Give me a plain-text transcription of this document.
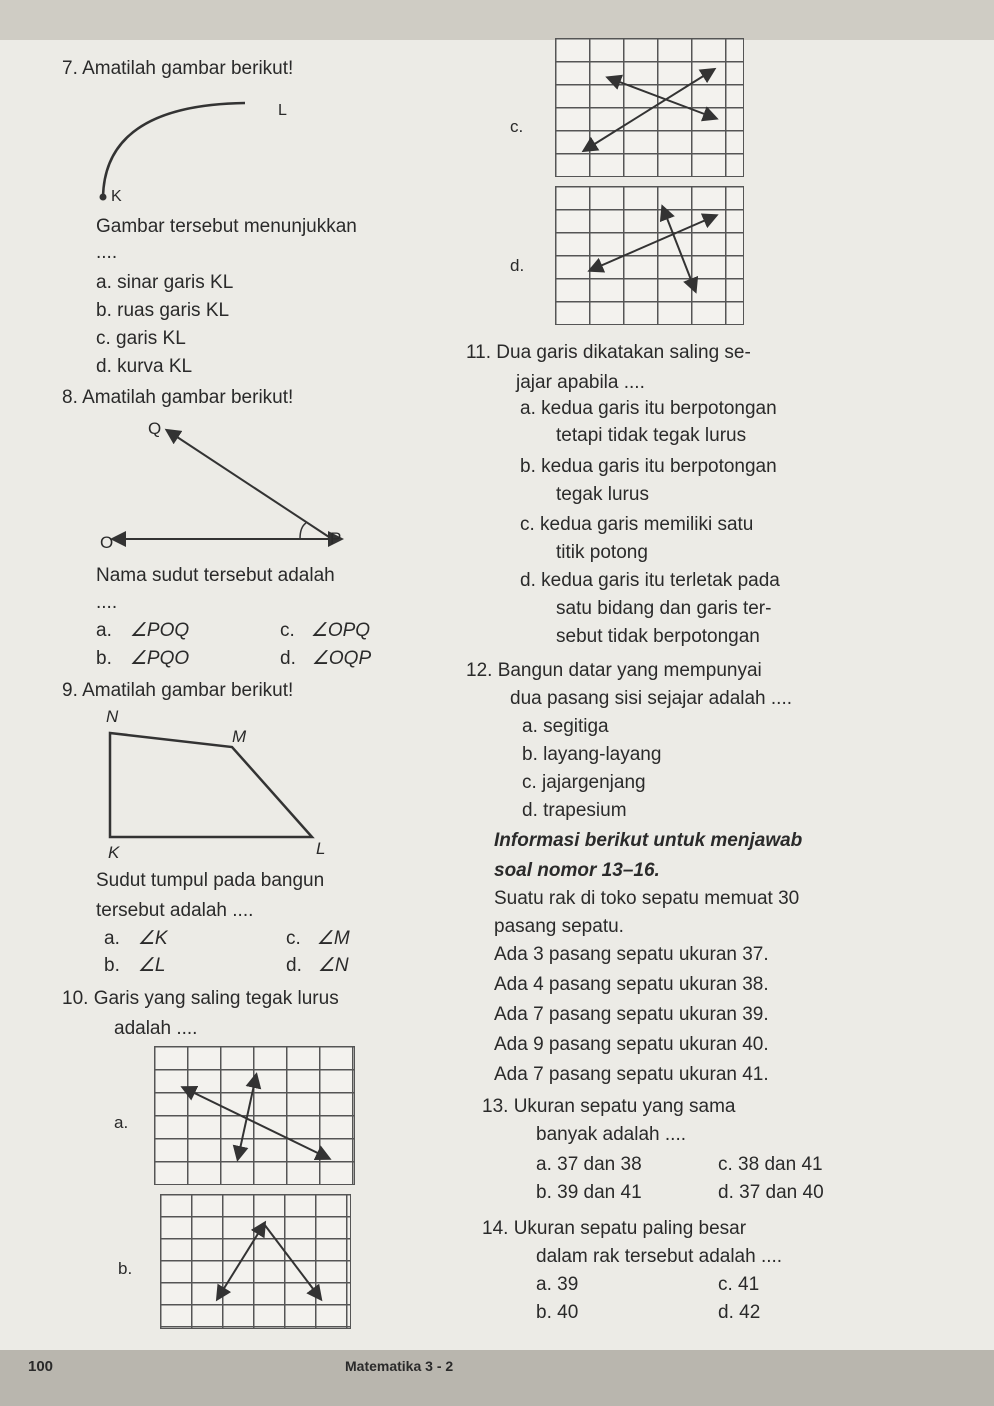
7. Amatilah gambar berikut!
L
K
Gambar tersebut menunjukkan
....
a. sinar garis KL
b. ruas garis KL
c. garis KL
d. kurva KL
c.
d.
8. Amatilah gambar berikut!
Q
O	P
Nama sudut tersebut adalah
....
a. ∠POQ
b. ∠PQO
c. ∠OPQ
d. ∠OQP
9. Amatilah gambar berikut!
N
M
K	L
Sudut tumpul pada bangun
tersebut adalah ....
a. ∠K
b. ∠L
c. ∠M
d. ∠N
10. Garis yang saling tegak lurus
adalah ....
a.
b.
11. Dua garis dikatakan saling se-
jajar apabila ....
a. kedua garis itu berpotongan
tetapi tidak tegak lurus
b. kedua garis itu berpotongan
tegak lurus
c. kedua garis memiliki satu
titik potong
d. kedua garis itu terletak pada
satu bidang dan garis ter-
sebut tidak berpotongan
12. Bangun datar yang mempunyai
dua pasang sisi sejajar adalah ....
a. segitiga
b. layang-layang
c. jajargenjang
d. trapesium
Informasi berikut untuk menjawab
soal nomor 13–16.
Suatu rak di toko sepatu memuat 30
pasang sepatu.
Ada 3 pasang sepatu ukuran 37.
Ada 4 pasang sepatu ukuran 38.
Ada 7 pasang sepatu ukuran 39.
Ada 9 pasang sepatu ukuran 40.
Ada 7 pasang sepatu ukuran 41.
13. Ukuran sepatu yang sama
banyak adalah ....
a. 37 dan 38
b. 39 dan 41
c. 38 dan 41
d. 37 dan 40
14. Ukuran sepatu paling besar
dalam rak tersebut adalah ....
a. 39
b. 40
c. 41
d. 42
100	Matematika 3 - 2
